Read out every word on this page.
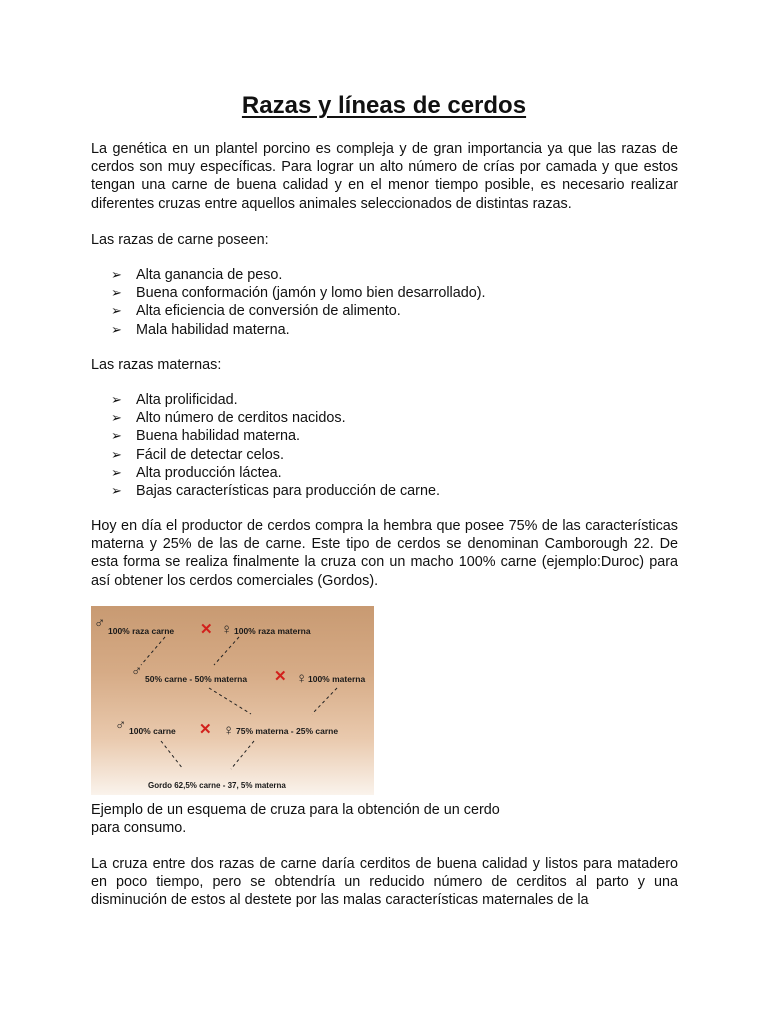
Razas y líneas de cerdos

La genética en un plantel porcino es compleja y de gran importancia ya que las razas de cerdos son muy específicas. Para lograr un alto número de crías por camada y que estos tengan una carne de buena calidad y en el menor tiempo posible, es necesario realizar diferentes cruzas entre aquellos animales seleccionados de distintas razas.

Las razas de carne poseen:

➢ Alta ganancia de peso.
➢ Buena conformación (jamón y lomo bien desarrollado).
➢ Alta eficiencia de conversión de alimento.
➢ Mala habilidad materna.

Las razas maternas:

➢ Alta prolificidad.
➢ Alto número de cerditos nacidos.
➢ Buena habilidad materna.
➢ Fácil de detectar celos.
➢ Alta producción láctea.
➢ Bajas características para producción de carne.

Hoy en día el productor de cerdos compra la hembra que posee 75% de las características materna y 25% de las de carne. Este tipo de cerdos se denominan Camborough 22. De esta forma se realiza finalmente la cruza con un macho 100% carne (ejemplo:Duroc) para así obtener los cerdos comerciales (Gordos).

♂ 100% raza carne ✕ ♀ 100% raza materna
♂ 50% carne - 50% materna ✕ ♀ 100% materna
♂ 100% carne ✕ ♀ 75% materna - 25% carne
Gordo 62,5% carne - 37, 5% materna

Ejemplo de un esquema de cruza para la obtención de un cerdo

para consumo.

La cruza entre dos razas de carne daría cerditos de buena calidad y listos para matadero en poco tiempo, pero se obtendría un reducido número de cerditos al parto y una disminución de estos al destete por las malas características maternales de la
